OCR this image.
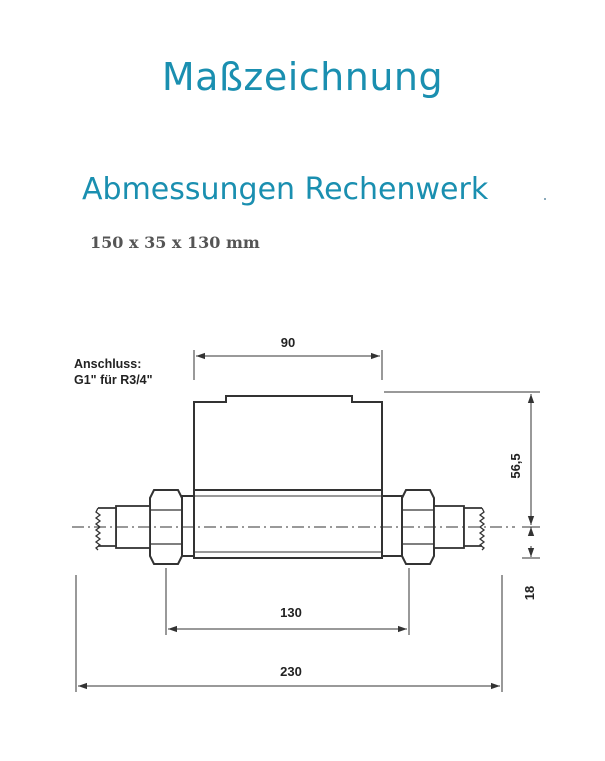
Maßzeichnung
Abmessungen Rechenwerk
150 x 35 x 130 mm
Anschluss:
G1" für R3/4"
90
56,5
18
130
230
